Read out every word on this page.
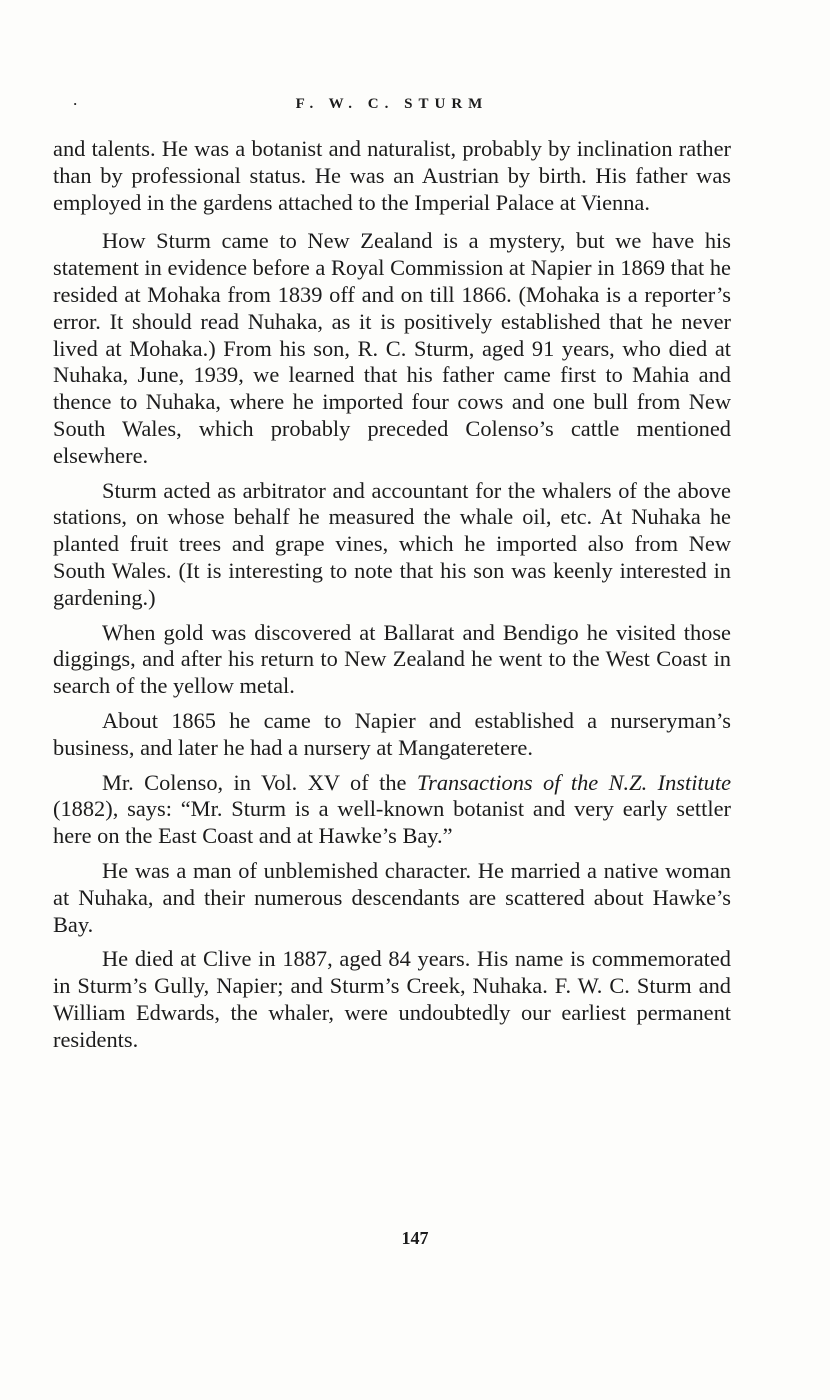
·	F. W. C. STURM

and talents. He was a botanist and naturalist, probably by inclination rather than by professional status. He was an Austrian by birth. His father was employed in the gardens attached to the Imperial Palace at Vienna.

How Sturm came to New Zealand is a mystery, but we have his statement in evidence before a Royal Commission at Napier in 1869 that he resided at Mohaka from 1839 off and on till 1866. (Mohaka is a reporter’s error. It should read Nuhaka, as it is positively established that he never lived at Mohaka.) From his son, R. C. Sturm, aged 91 years, who died at Nuhaka, June, 1939, we learned that his father came first to Mahia and thence to Nuhaka, where he imported four cows and one bull from New South Wales, which probably preceded Colenso’s cattle mentioned elsewhere.

Sturm acted as arbitrator and accountant for the whalers of the above stations, on whose behalf he measured the whale oil, etc. At Nuhaka he planted fruit trees and grape vines, which he imported also from New South Wales. (It is interesting to note that his son was keenly interested in gardening.)

When gold was discovered at Ballarat and Bendigo he visited those diggings, and after his return to New Zealand he went to the West Coast in search of the yellow metal.

About 1865 he came to Napier and established a nurseryman’s business, and later he had a nursery at Mangateretere.

Mr. Colenso, in Vol. XV of the Transactions of the N.Z. Institute (1882), says: “Mr. Sturm is a well-known botanist and very early settler here on the East Coast and at Hawke’s Bay.”

He was a man of unblemished character. He married a native woman at Nuhaka, and their numerous descendants are scattered about Hawke’s Bay.

He died at Clive in 1887, aged 84 years. His name is commemorated in Sturm’s Gully, Napier; and Sturm’s Creek, Nuhaka. F. W. C. Sturm and William Edwards, the whaler, were undoubtedly our earliest permanent residents.

147
